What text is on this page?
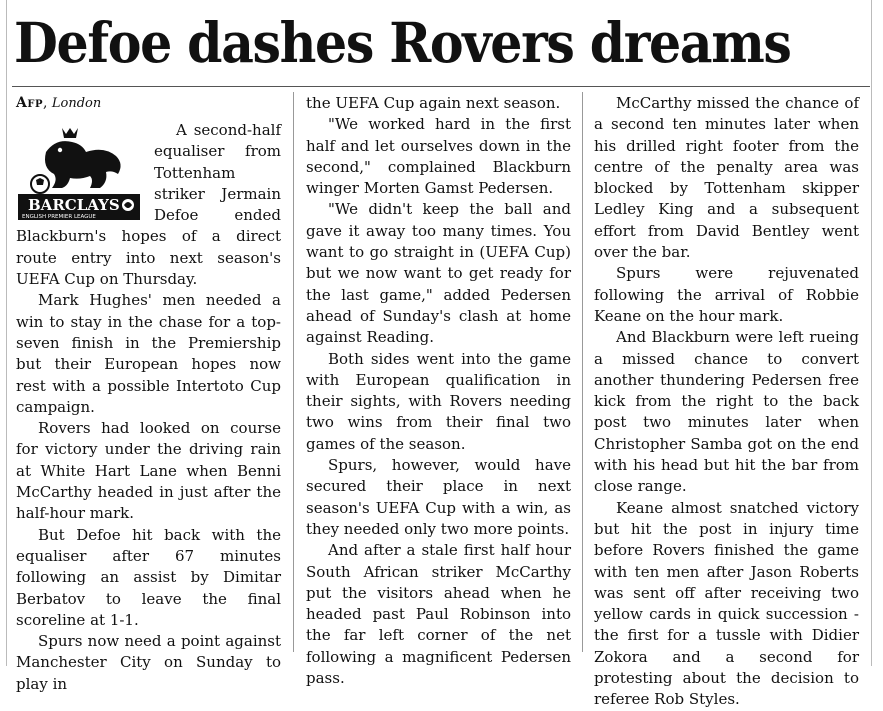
Defoe dashes Rovers dreams
Afp, London
BARCLAYS
ENGLISH PREMIER LEAGUE

A second-half equaliser from Tottenham striker Jermain Defoe ended Blackburn's hopes of a direct route entry into next season's UEFA Cup on Thursday.

Mark Hughes' men needed a win to stay in the chase for a top-seven finish in the Premiership but their European hopes now rest with a possible Intertoto Cup campaign.

Rovers had looked on course for victory under the driving rain at White Hart Lane when Benni McCarthy headed in just after the half-hour mark.

But Defoe hit back with the equaliser after 67 minutes following an assist by Dimitar Berbatov to leave the final scoreline at 1-1.

Spurs now need a point against Manchester City on Sunday to play in

the UEFA Cup again next season.

"We worked hard in the first half and let ourselves down in the second," complained Blackburn winger Morten Gamst Pedersen.

"We didn't keep the ball and gave it away too many times. You want to go straight in (UEFA Cup) but we now want to get ready for the last game," added Pedersen ahead of Sunday's clash at home against Reading.

Both sides went into the game with European qualification in their sights, with Rovers needing two wins from their final two games of the season.

Spurs, however, would have secured their place in next season's UEFA Cup with a win, as they needed only two more points.

And after a stale first half hour South African striker McCarthy put the visitors ahead when he headed past Paul Robinson into the far left corner of the net following a magnificent Pedersen pass.

McCarthy missed the chance of a second ten minutes later when his drilled right footer from the centre of the penalty area was blocked by Tottenham skipper Ledley King and a subsequent effort from David Bentley went over the bar.

Spurs were rejuvenated following the arrival of Robbie Keane on the hour mark.

And Blackburn were left rueing a missed chance to convert another thundering Pedersen free kick from the right to the back post two minutes later when Christopher Samba got on the end with his head but hit the bar from close range.

Keane almost snatched victory but hit the post in injury time before Rovers finished the game with ten men after Jason Roberts was sent off after receiving two yellow cards in quick succession - the first for a tussle with Didier Zokora and a second for protesting about the decision to referee Rob Styles.
